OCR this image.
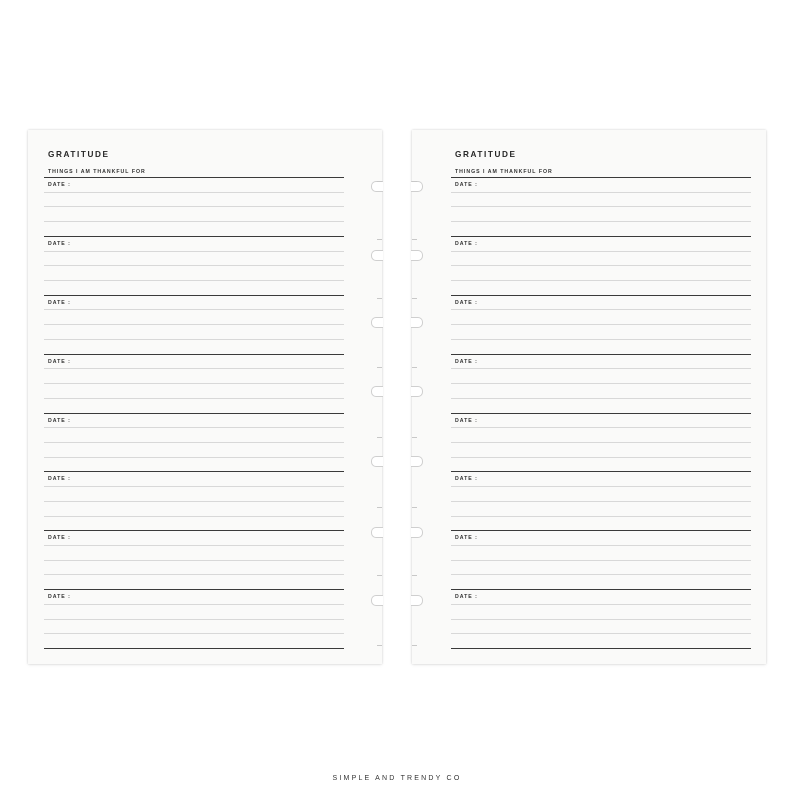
GRATITUDE
THINGS I AM THANKFUL FOR
DATE :
DATE :
DATE :
DATE :
DATE :
DATE :
DATE :
DATE :
GRATITUDE
THINGS I AM THANKFUL FOR
DATE :
DATE :
DATE :
DATE :
DATE :
DATE :
DATE :
DATE :
SIMPLE AND TRENDY CO
